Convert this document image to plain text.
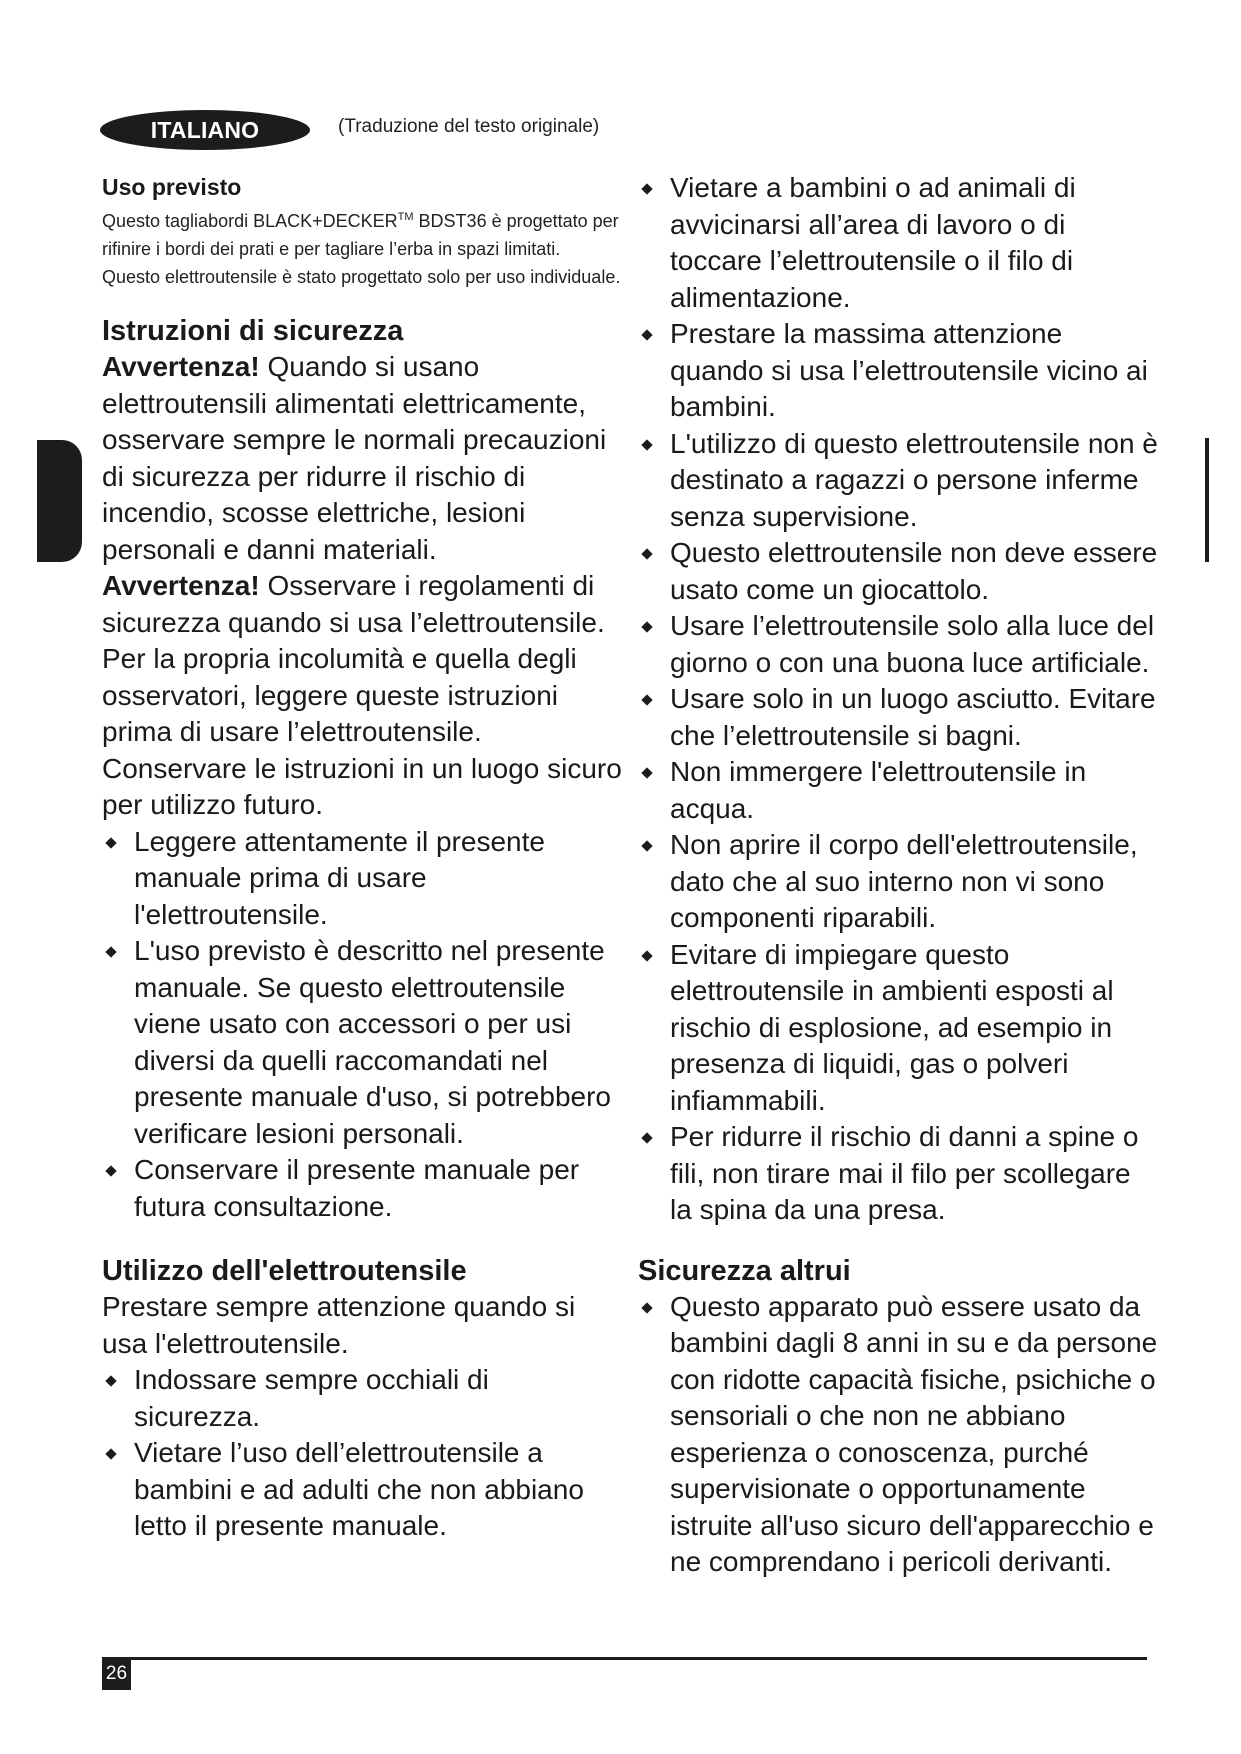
ITALIANO	(Traduzione del testo originale)
Uso previsto

Questo tagliabordi BLACK+DECKER™ BDST36 è progettato per rifinire i bordi dei prati e per tagliare l’erba in spazi limitati. Questo elettroutensile è stato progettato solo per uso individuale.

Istruzioni di sicurezza

Avvertenza! Quando si usano elettroutensili alimentati elettricamente, osservare sempre le normali precauzioni di sicurezza per ridurre il rischio di incendio, scosse elettriche, lesioni personali e danni materiali.

Avvertenza! Osservare i regolamenti di sicurezza quando si usa l’elettroutensile. Per la propria incolumità e quella degli osservatori, leggere queste istruzioni prima di usare l’elettroutensile. Conservare le istruzioni in un luogo sicuro per utilizzo futuro.

Leggere attentamente il presente manuale prima di usare l'elettroutensile.
L'uso previsto è descritto nel presente manuale. Se questo elettroutensile viene usato con accessori o per usi diversi da quelli raccomandati nel presente manuale d'uso, si potrebbero verificare lesioni personali.
Conservare il presente manuale per futura consultazione.
Utilizzo dell'elettroutensile

Prestare sempre attenzione quando si usa l'elettroutensile.

Indossare sempre occhiali di sicurezza.
Vietare l’uso dell’elettroutensile a bambini e ad adulti che non abbiano letto il presente manuale.
Vietare a bambini o ad animali di avvicinarsi all’area di lavoro o di toccare l’elettroutensile o il filo di alimentazione.
Prestare la massima attenzione quando si usa l’elettroutensile vicino ai bambini.
L'utilizzo di questo elettroutensile non è destinato a ragazzi o persone inferme senza supervisione.
Questo elettroutensile non deve essere usato come un giocattolo.
Usare l’elettroutensile solo alla luce del giorno o con una buona luce artificiale.
Usare solo in un luogo asciutto. Evitare che l’elettroutensile si bagni.
Non immergere l'elettroutensile in acqua.
Non aprire il corpo dell'elettroutensile, dato che al suo interno non vi sono componenti riparabili.
Evitare di impiegare questo elettroutensile in ambienti esposti al rischio di esplosione, ad esempio in presenza di liquidi, gas o polveri infiammabili.
Per ridurre il rischio di danni a spine o fili, non tirare mai il filo per scollegare la spina da una presa.
Sicurezza altrui
Questo apparato può essere usato da bambini dagli 8 anni in su e da persone con ridotte capacità fisiche, psichiche o sensoriali o che non ne abbiano esperienza o conoscenza, purché supervisionate o opportunamente istruite all'uso sicuro dell'apparecchio e ne comprendano i pericoli derivanti.
26
